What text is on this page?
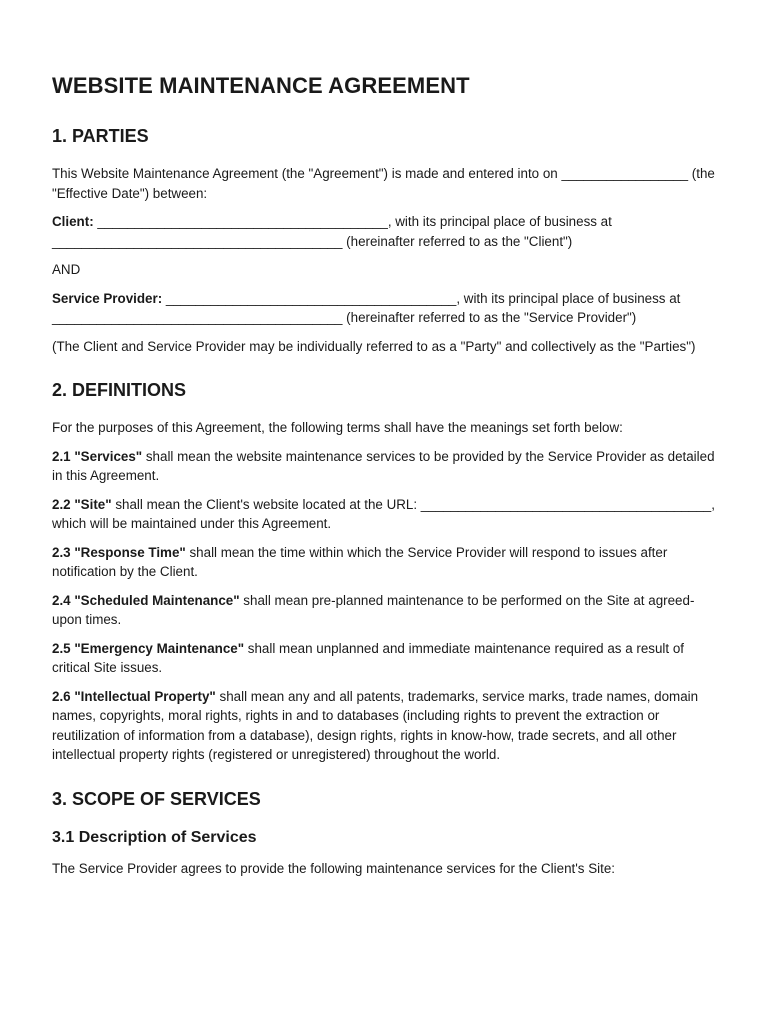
WEBSITE MAINTENANCE AGREEMENT
1. PARTIES

This Website Maintenance Agreement (the "Agreement") is made and entered into on _________________ (the "Effective Date") between:

Client: _______________________________________, with its principal place of business at _______________________________________ (hereinafter referred to as the "Client")

AND

Service Provider: _______________________________________, with its principal place of business at _______________________________________ (hereinafter referred to as the "Service Provider")

(The Client and Service Provider may be individually referred to as a "Party" and collectively as the "Parties")

2. DEFINITIONS

For the purposes of this Agreement, the following terms shall have the meanings set forth below:

2.1 "Services" shall mean the website maintenance services to be provided by the Service Provider as detailed in this Agreement.

2.2 "Site" shall mean the Client's website located at the URL: _______________________________________, which will be maintained under this Agreement.

2.3 "Response Time" shall mean the time within which the Service Provider will respond to issues after notification by the Client.

2.4 "Scheduled Maintenance" shall mean pre-planned maintenance to be performed on the Site at agreed-upon times.

2.5 "Emergency Maintenance" shall mean unplanned and immediate maintenance required as a result of critical Site issues.

2.6 "Intellectual Property" shall mean any and all patents, trademarks, service marks, trade names, domain names, copyrights, moral rights, rights in and to databases (including rights to prevent the extraction or reutilization of information from a database), design rights, rights in know-how, trade secrets, and all other intellectual property rights (registered or unregistered) throughout the world.

3. SCOPE OF SERVICES
3.1 Description of Services

The Service Provider agrees to provide the following maintenance services for the Client's Site:
